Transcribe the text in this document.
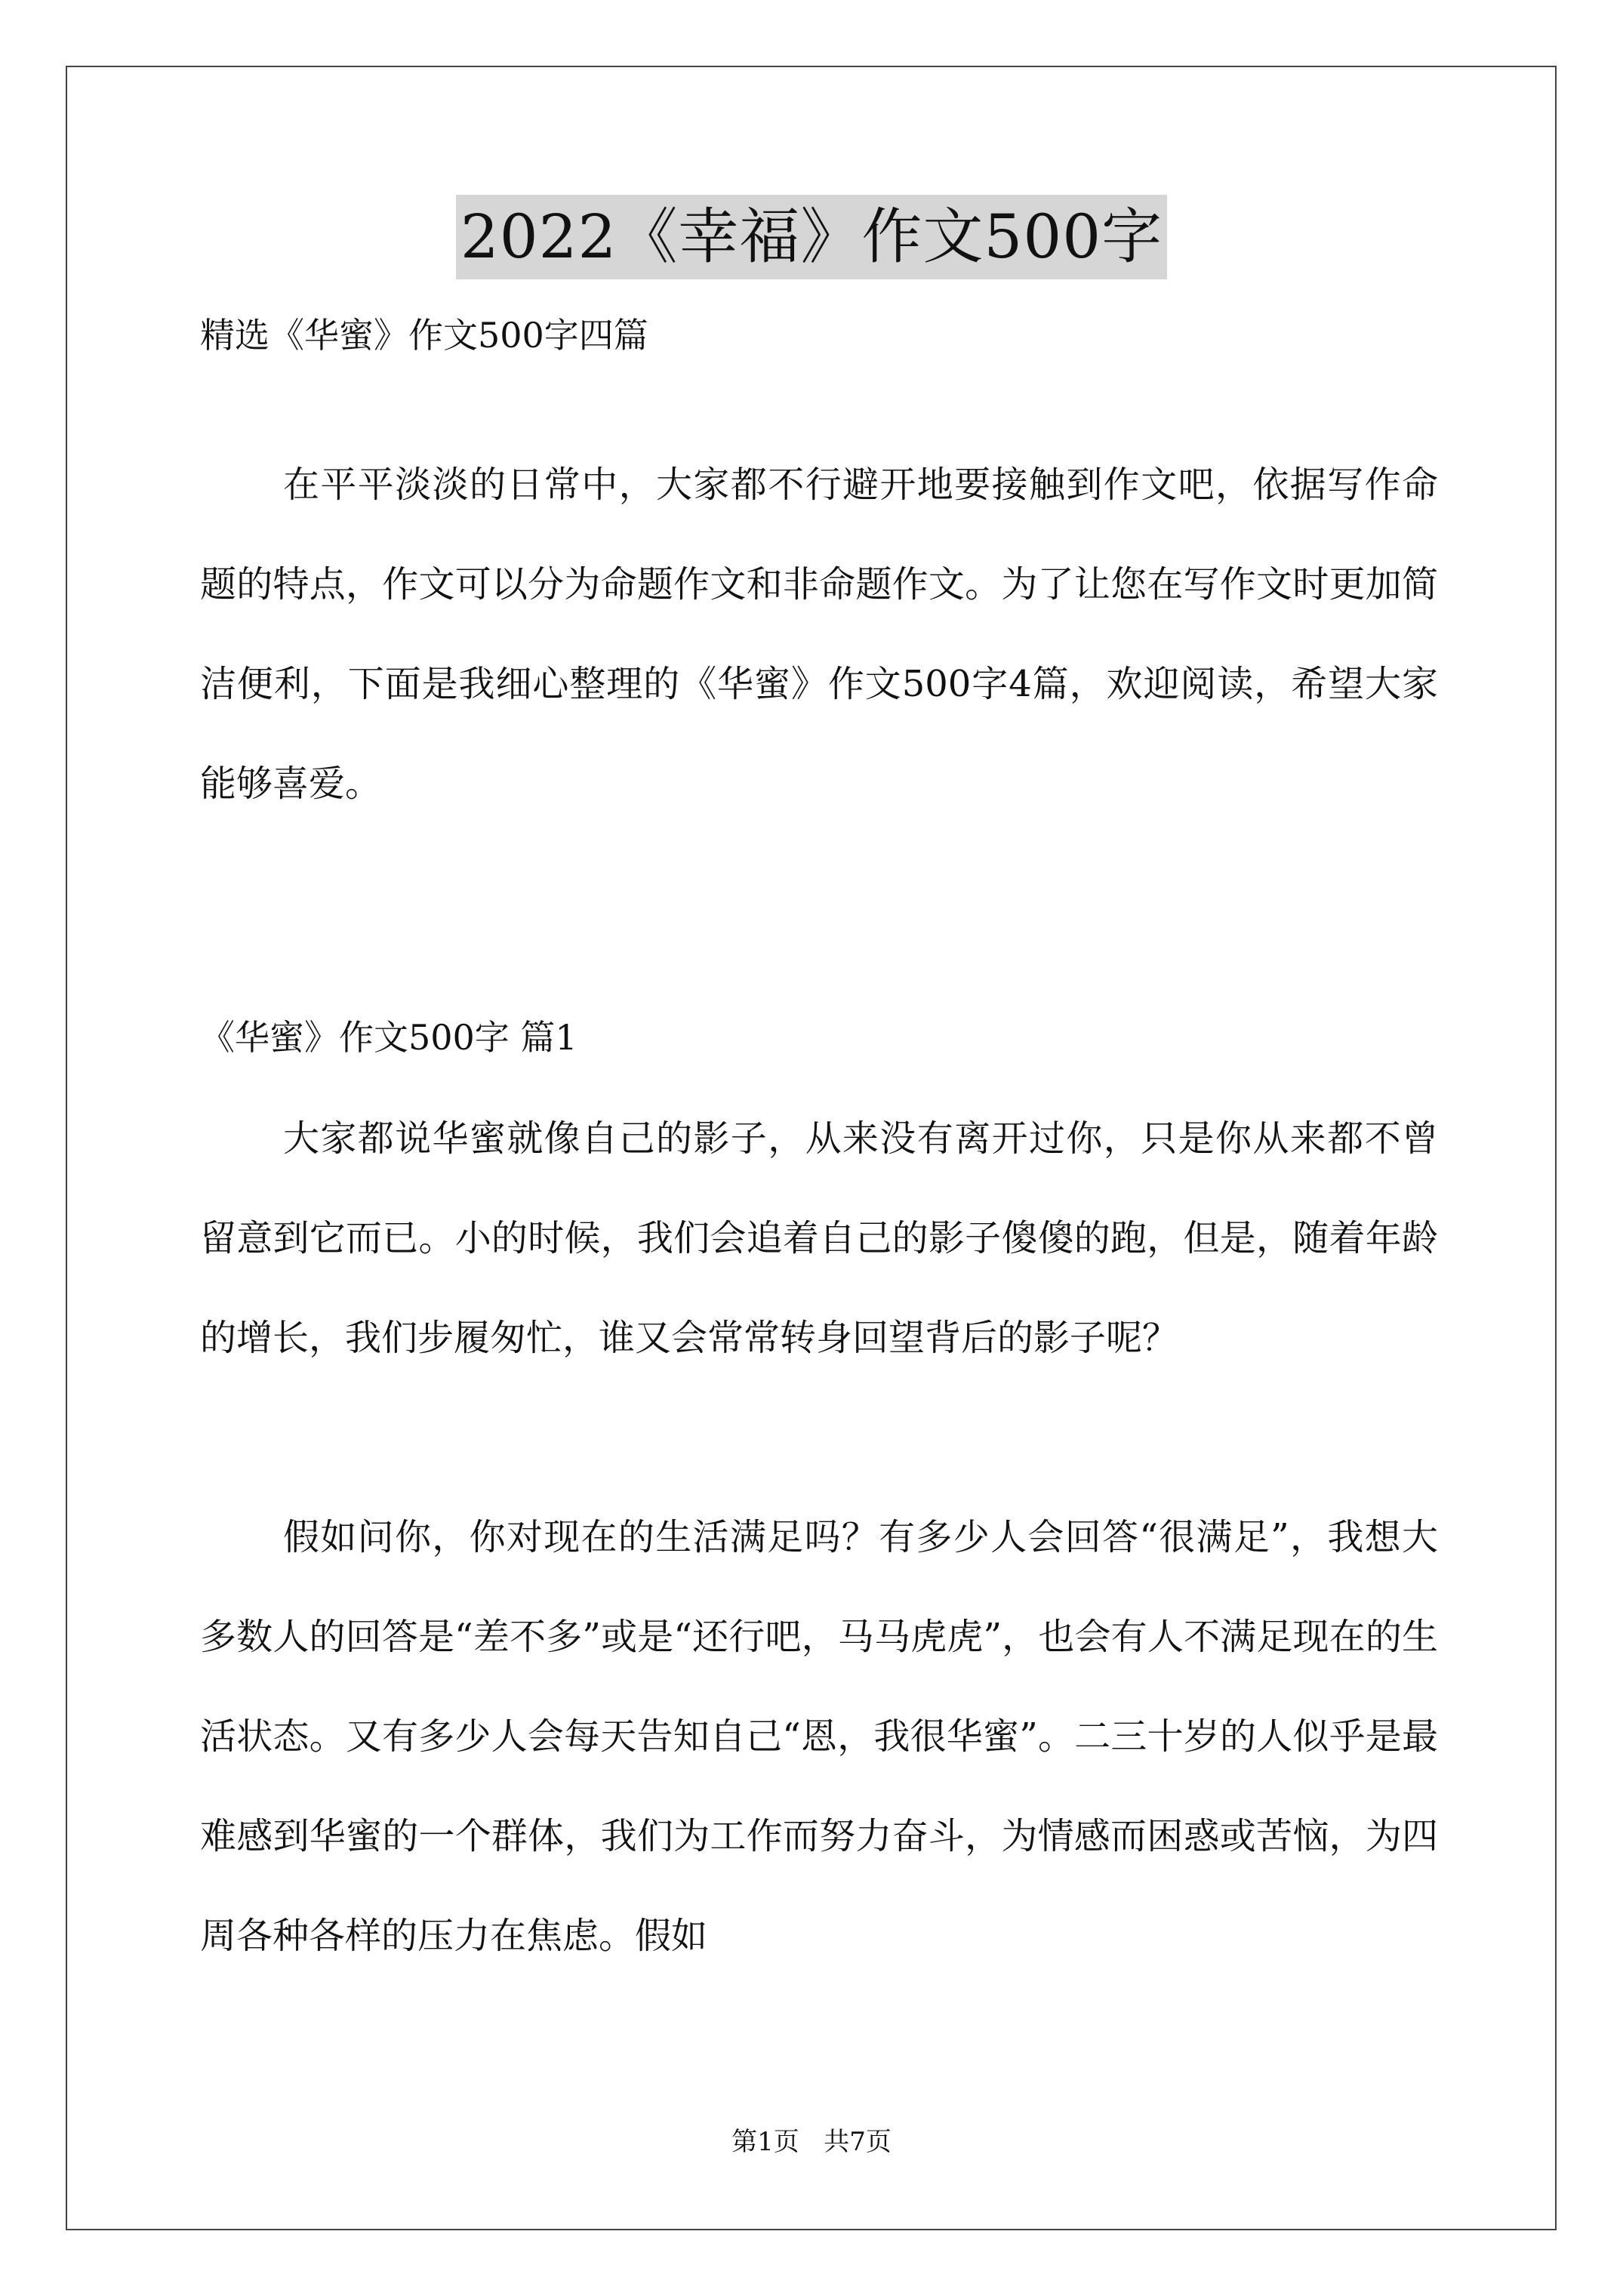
2022《幸福》作文500字
精选《华蜜》作文500字四篇

在平平淡淡的日常中，大家都不行避开地要接触到作文吧，依据写作命题的特点，作文可以分为命题作文和非命题作文。为了让您在写作文时更加简洁便利，下面是我细心整理的《华蜜》作文500字4篇，欢迎阅读，希望大家能够喜爱。

《华蜜》作文500字 篇1

大家都说华蜜就像自己的影子，从来没有离开过你，只是你从来都不曾留意到它而已。小的时候，我们会追着自己的影子傻傻的跑，但是，随着年龄的增长，我们步履匆忙，谁又会常常转身回望背后的影子呢？

假如问你，你对现在的生活满足吗？有多少人会回答“很满足”，我想大多数人的回答是“差不多”或是“还行吧，马马虎虎”，也会有人不满足现在的生活状态。又有多少人会每天告知自己“恩，我很华蜜”。二三十岁的人似乎是最难感到华蜜的一个群体，我们为工作而努力奋斗，为情感而困惑或苦恼，为四周各种各样的压力在焦虑。假如

第1页   共7页
